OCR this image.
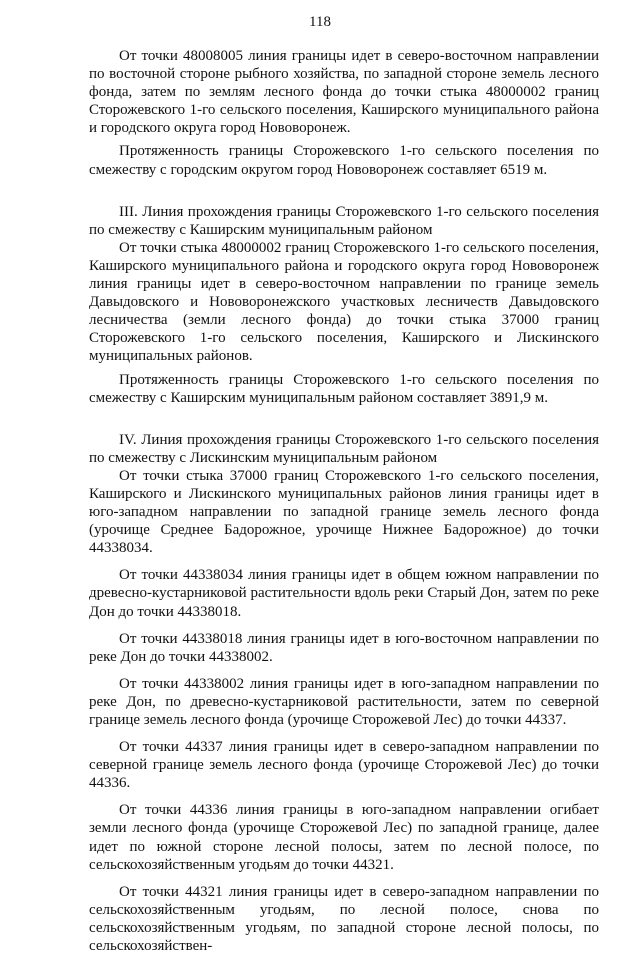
118

От точки 48008005 линия границы идет в северо-восточном направлении по восточной стороне рыбного хозяйства, по западной стороне земель лесного фонда, затем по землям лесного фонда до точки стыка 48000002 границ Сторожевского 1-го сельского поселения, Каширского муниципального района и городского округа город Нововоронеж.

Протяженность границы Сторожевского 1-го сельского поселения по смежеству с городским округом город Нововоронеж составляет 6519 м.

III. Линия прохождения границы Сторожевского 1-го сельского поселения по смежеству с Каширским муниципальным районом

От точки стыка 48000002 границ Сторожевского 1-го сельского поселения, Каширского муниципального района и городского округа город Нововоронеж линия границы идет в северо-восточном направлении по границе земель Давыдовского и Нововоронежского участковых лесничеств Давыдовского лесничества (земли лесного фонда) до точки стыка 37000 границ Сторожевского 1-го сельского поселения, Каширского и Лискинского муниципальных районов.

Протяженность границы Сторожевского 1-го сельского поселения по смежеству с Каширским муниципальным районом составляет 3891,9 м.

IV. Линия прохождения границы Сторожевского 1-го сельского поселения по смежеству с Лискинским муниципальным районом

От точки стыка 37000 границ Сторожевского 1-го сельского поселения, Каширского и Лискинского муниципальных районов линия границы идет в юго-западном направлении по западной границе земель лесного фонда (урочище Среднее Бадорожное, урочище Нижнее Бадорожное) до точки 44338034.

От точки 44338034 линия границы идет в общем южном направлении по древесно-кустарниковой растительности вдоль реки Старый Дон, затем по реке Дон до точки 44338018.

От точки 44338018 линия границы идет в юго-восточном направлении по реке Дон до точки 44338002.

От точки 44338002 линия границы идет в юго-западном направлении по реке Дон, по древесно-кустарниковой растительности, затем по северной границе земель лесного фонда (урочище Сторожевой Лес) до точки 44337.

От точки 44337 линия границы идет в северо-западном направлении по северной границе земель лесного фонда (урочище Сторожевой Лес) до точки 44336.

От точки 44336 линия границы в юго-западном направлении огибает земли лесного фонда (урочище Сторожевой Лес) по западной границе, далее идет по южной стороне лесной полосы, затем по лесной полосе, по сельскохозяйственным угодьям до точки 44321.

От точки 44321 линия границы идет в северо-западном направлении по сельскохозяйственным угодьям, по лесной полосе, снова по сельскохозяйственным угодьям, по западной стороне лесной полосы, по сельскохозяйствен-
